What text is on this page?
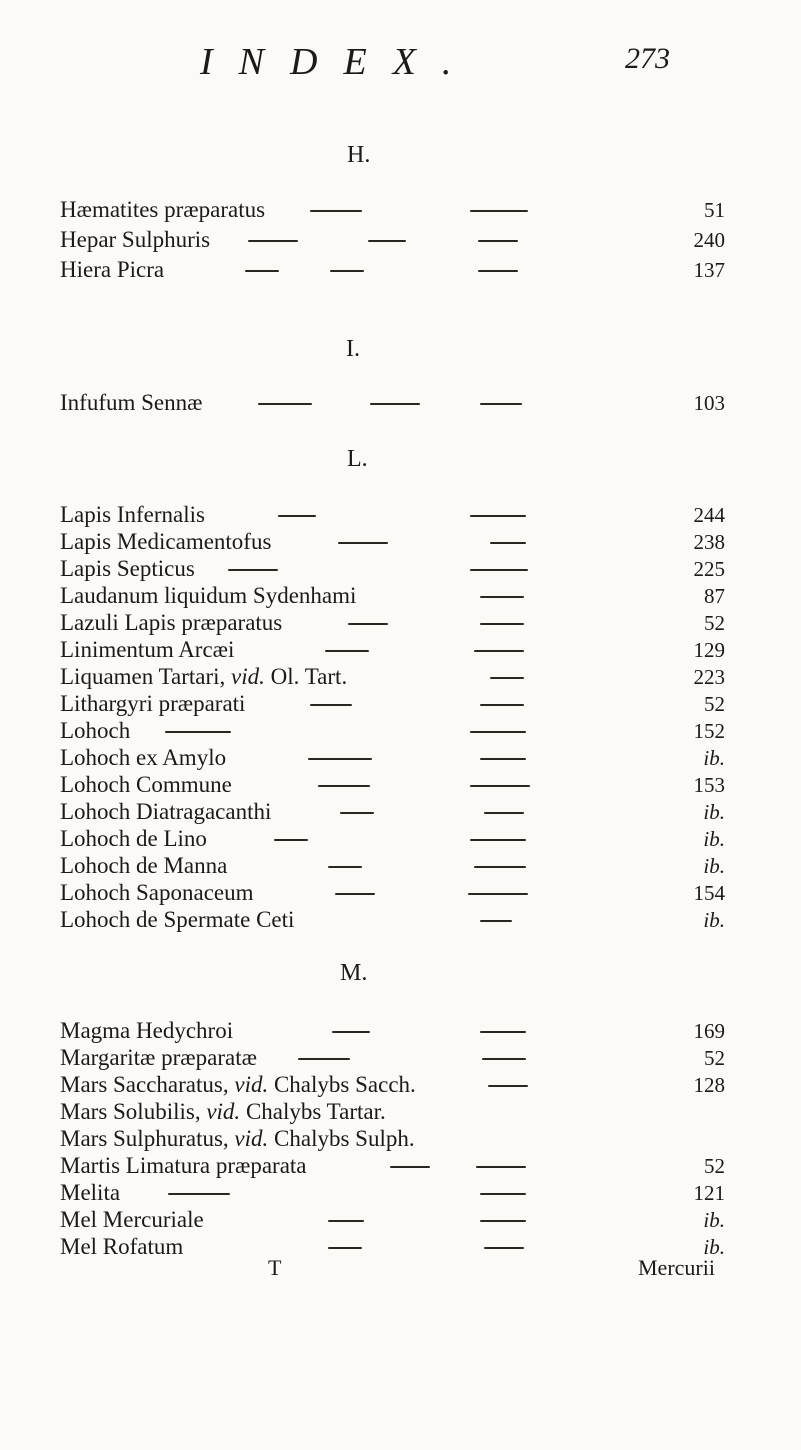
INDEX.	273
H.
Hæmatites præparatus	51
Hepar Sulphuris	240
Hiera Picra	137
I.
Infufum Sennæ	103
L.
Lapis Infernalis	244
Lapis Medicamentofus	238
Lapis Septicus	225
Laudanum liquidum Sydenhami	87
Lazuli Lapis præparatus	52
Linimentum Arcæi	129
Liquamen Tartari, vid. Ol. Tart.	223
Lithargyri præparati	52
Lohoch	152
Lohoch ex Amylo	ib.
Lohoch Commune	153
Lohoch Diatragacanthi	ib.
Lohoch de Lino	ib.
Lohoch de Manna	ib.
Lohoch Saponaceum	154
Lohoch de Spermate Ceti	ib.
M.
Magma Hedychroi	169
Margaritæ præparatæ	52
Mars Saccharatus, vid. Chalybs Sacch.	128
Mars Solubilis, vid. Chalybs Tartar.
Mars Sulphuratus, vid. Chalybs Sulph.
Martis Limatura præparata	52
Melita	121
Mel Mercuriale	ib.
Mel Rofatum	ib.
T	Mercurii
